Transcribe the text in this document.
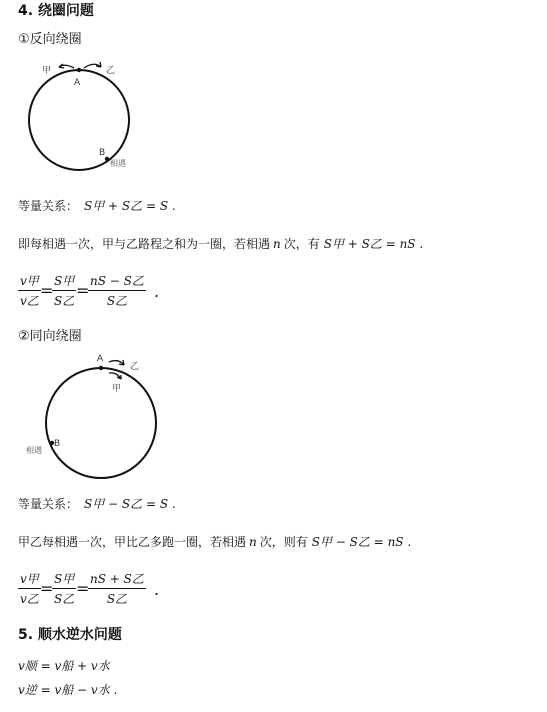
4. 绕圈问题
①反向绕圈
甲	乙
A
B
相遇
等量关系： S甲 + S乙 = S .
即每相遇一次，甲与乙路程之和为一圈，若相遇 n 次，有 S甲 + S乙 = nS .
v甲
v乙
= S甲
S乙
= nS − S乙
S乙	.
②同向绕圈
A
乙
甲
B
相遇
等量关系： S甲 − S乙 = S .
甲乙每相遇一次，甲比乙多跑一圈，若相遇 n 次，则有 S甲 − S乙 = nS .
v甲
v乙
= S甲
S乙
= nS + S乙
S乙	.
5. 顺水逆水问题
v顺 = v船 + v水
v逆 = v船 − v水 .
